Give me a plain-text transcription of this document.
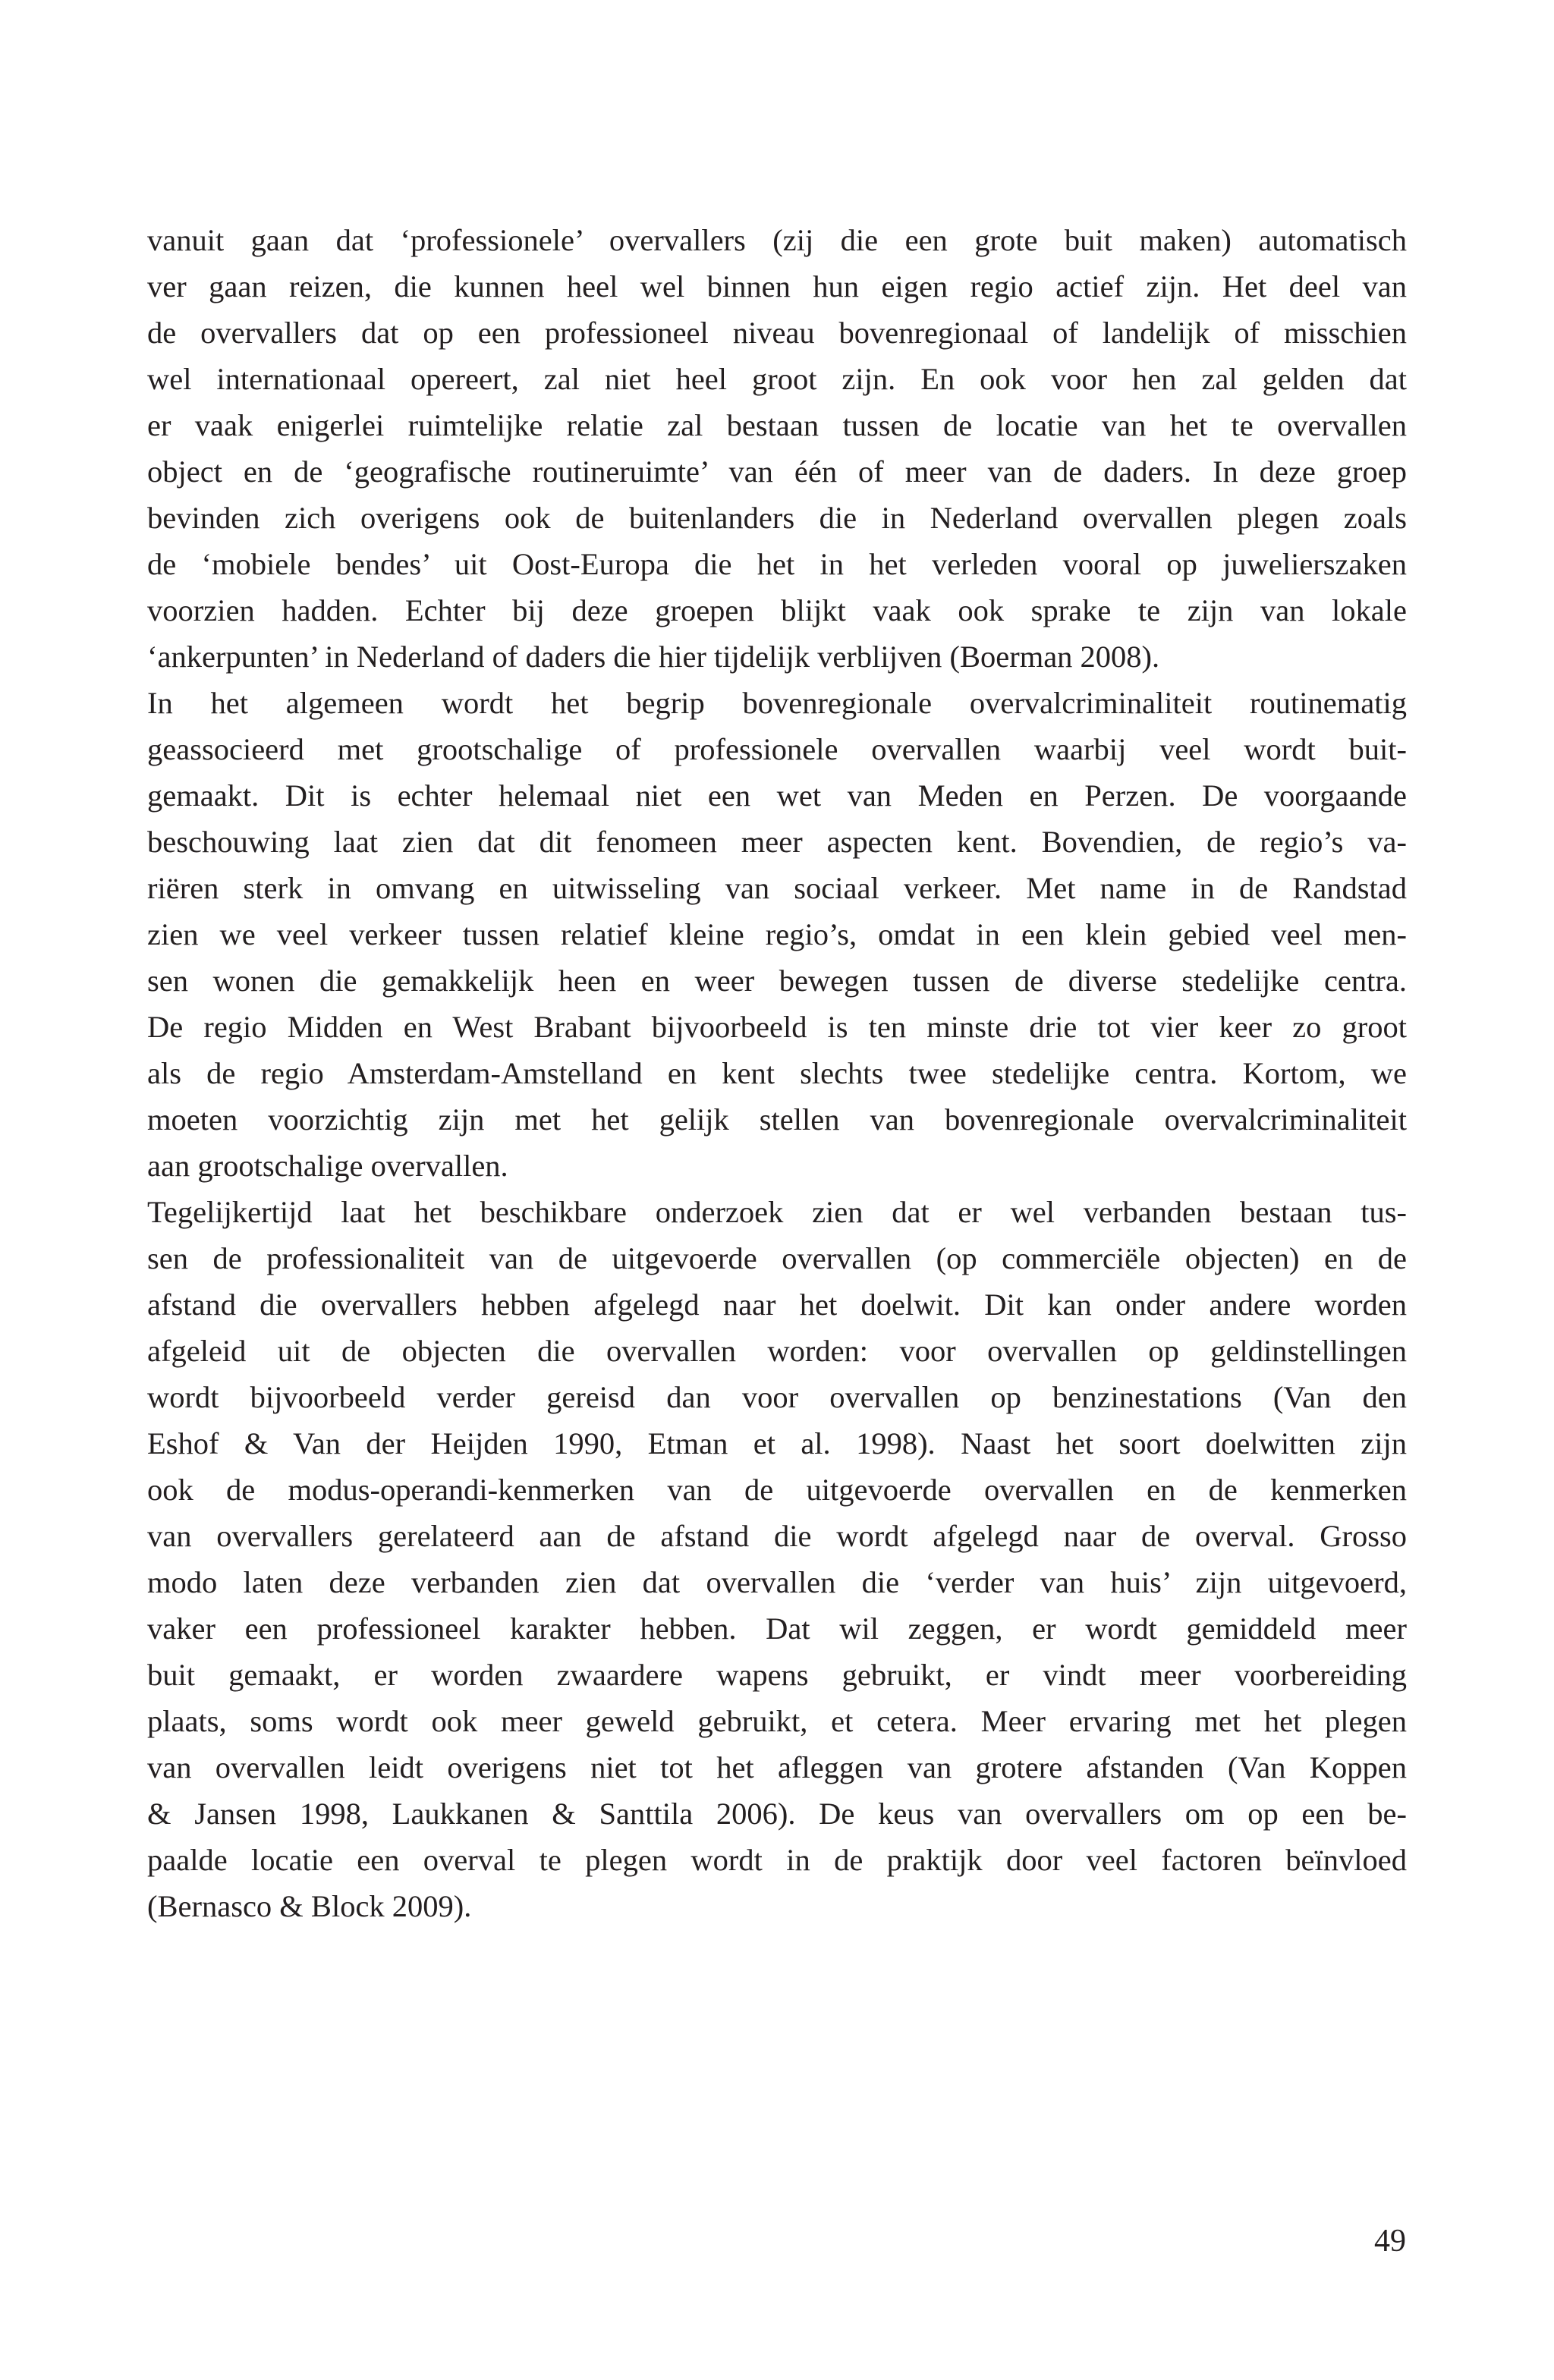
vanuit gaan dat ‘professionele’ overvallers (zij die een grote buit maken) automatisch
ver gaan reizen, die kunnen heel wel binnen hun eigen regio actief zijn. Het deel van
de overvallers dat op een professioneel niveau bovenregionaal of landelijk of misschien
wel internationaal opereert, zal niet heel groot zijn. En ook voor hen zal gelden dat
er vaak enigerlei ruimtelijke relatie zal bestaan tussen de locatie van het te overvallen
object en de ‘geografische routineruimte’ van één of meer van de daders. In deze groep
bevinden zich overigens ook de buitenlanders die in Nederland overvallen plegen zoals
de ‘mobiele bendes’ uit Oost-Europa die het in het verleden vooral op juwelierszaken
voorzien hadden. Echter bij deze groepen blijkt vaak ook sprake te zijn van lokale
‘ankerpunten’ in Nederland of daders die hier tijdelijk verblijven (Boerman 2008).
In het algemeen wordt het begrip bovenregionale overvalcriminaliteit routinematig
geassocieerd met grootschalige of professionele overvallen waarbij veel wordt buit-
gemaakt. Dit is echter helemaal niet een wet van Meden en Perzen. De voorgaande
beschouwing laat zien dat dit fenomeen meer aspecten kent. Bovendien, de regio’s va-
riëren sterk in omvang en uitwisseling van sociaal verkeer. Met name in de Randstad
zien we veel verkeer tussen relatief kleine regio’s, omdat in een klein gebied veel men-
sen wonen die gemakkelijk heen en weer bewegen tussen de diverse stedelijke centra.
De regio Midden en West Brabant bijvoorbeeld is ten minste drie tot vier keer zo groot
als de regio Amsterdam-Amstelland en kent slechts twee stedelijke centra. Kortom, we
moeten voorzichtig zijn met het gelijk stellen van bovenregionale overvalcriminaliteit
aan grootschalige overvallen.
Tegelijkertijd laat het beschikbare onderzoek zien dat er wel verbanden bestaan tus-
sen de professionaliteit van de uitgevoerde overvallen (op commerciële objecten) en de
afstand die overvallers hebben afgelegd naar het doelwit. Dit kan onder andere worden
afgeleid uit de objecten die overvallen worden: voor overvallen op geldinstellingen
wordt bijvoorbeeld verder gereisd dan voor overvallen op benzinestations (Van den
Eshof & Van der Heijden 1990, Etman et al. 1998). Naast het soort doelwitten zijn
ook de modus-operandi-kenmerken van de uitgevoerde overvallen en de kenmerken
van overvallers gerelateerd aan de afstand die wordt afgelegd naar de overval. Grosso
modo laten deze verbanden zien dat overvallen die ‘verder van huis’ zijn uitgevoerd,
vaker een professioneel karakter hebben. Dat wil zeggen, er wordt gemiddeld meer
buit gemaakt, er worden zwaardere wapens gebruikt, er vindt meer voorbereiding
plaats, soms wordt ook meer geweld gebruikt, et cetera. Meer ervaring met het plegen
van overvallen leidt overigens niet tot het afleggen van grotere afstanden (Van Koppen
& Jansen 1998, Laukkanen & Santtila 2006). De keus van overvallers om op een be-
paalde locatie een overval te plegen wordt in de praktijk door veel factoren beïnvloed
(Bernasco & Block 2009).
49
